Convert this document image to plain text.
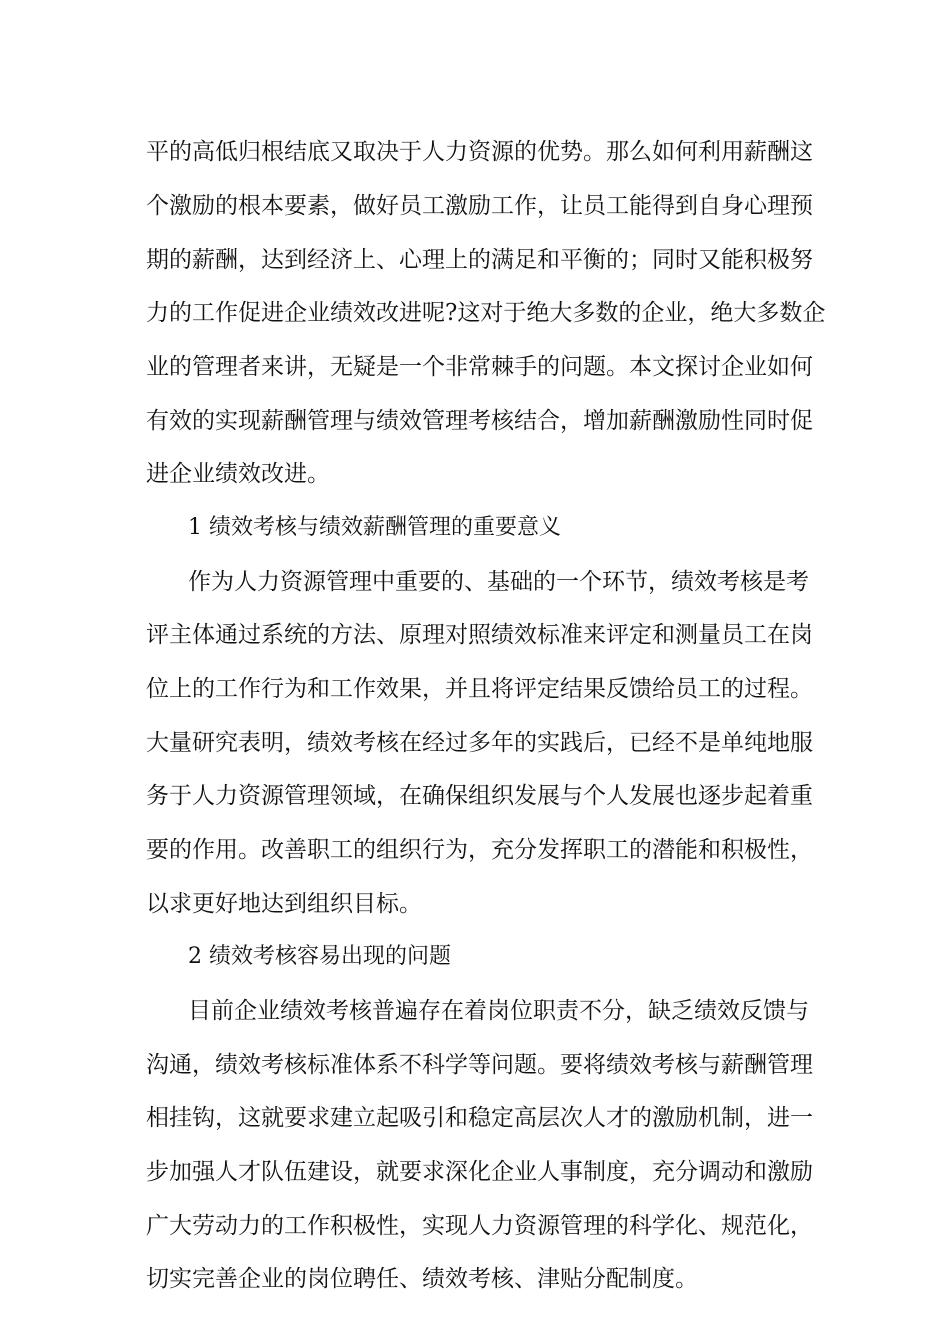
平的高低归根结底又取决于人力资源的优势。那么如何利用薪酬这
个激励的根本要素，做好员工激励工作，让员工能得到自身心理预
期的薪酬，达到经济上、心理上的满足和平衡的；同时又能积极努
力的工作促进企业绩效改进呢?这对于绝大多数的企业，绝大多数企
业的管理者来讲，无疑是一个非常棘手的问题。本文探讨企业如何
有效的实现薪酬管理与绩效管理考核结合，增加薪酬激励性同时促
进企业绩效改进。
1 绩效考核与绩效薪酬管理的重要意义
作为人力资源管理中重要的、基础的一个环节，绩效考核是考
评主体通过系统的方法、原理对照绩效标准来评定和测量员工在岗
位上的工作行为和工作效果，并且将评定结果反馈给员工的过程。
大量研究表明，绩效考核在经过多年的实践后，已经不是单纯地服
务于人力资源管理领域，在确保组织发展与个人发展也逐步起着重
要的作用。改善职工的组织行为，充分发挥职工的潜能和积极性，
以求更好地达到组织目标。
2 绩效考核容易出现的问题
目前企业绩效考核普遍存在着岗位职责不分，缺乏绩效反馈与
沟通，绩效考核标准体系不科学等问题。要将绩效考核与薪酬管理
相挂钩，这就要求建立起吸引和稳定高层次人才的激励机制，进一
步加强人才队伍建设，就要求深化企业人事制度，充分调动和激励
广大劳动力的工作积极性，实现人力资源管理的科学化、规范化，
切实完善企业的岗位聘任、绩效考核、津贴分配制度。
